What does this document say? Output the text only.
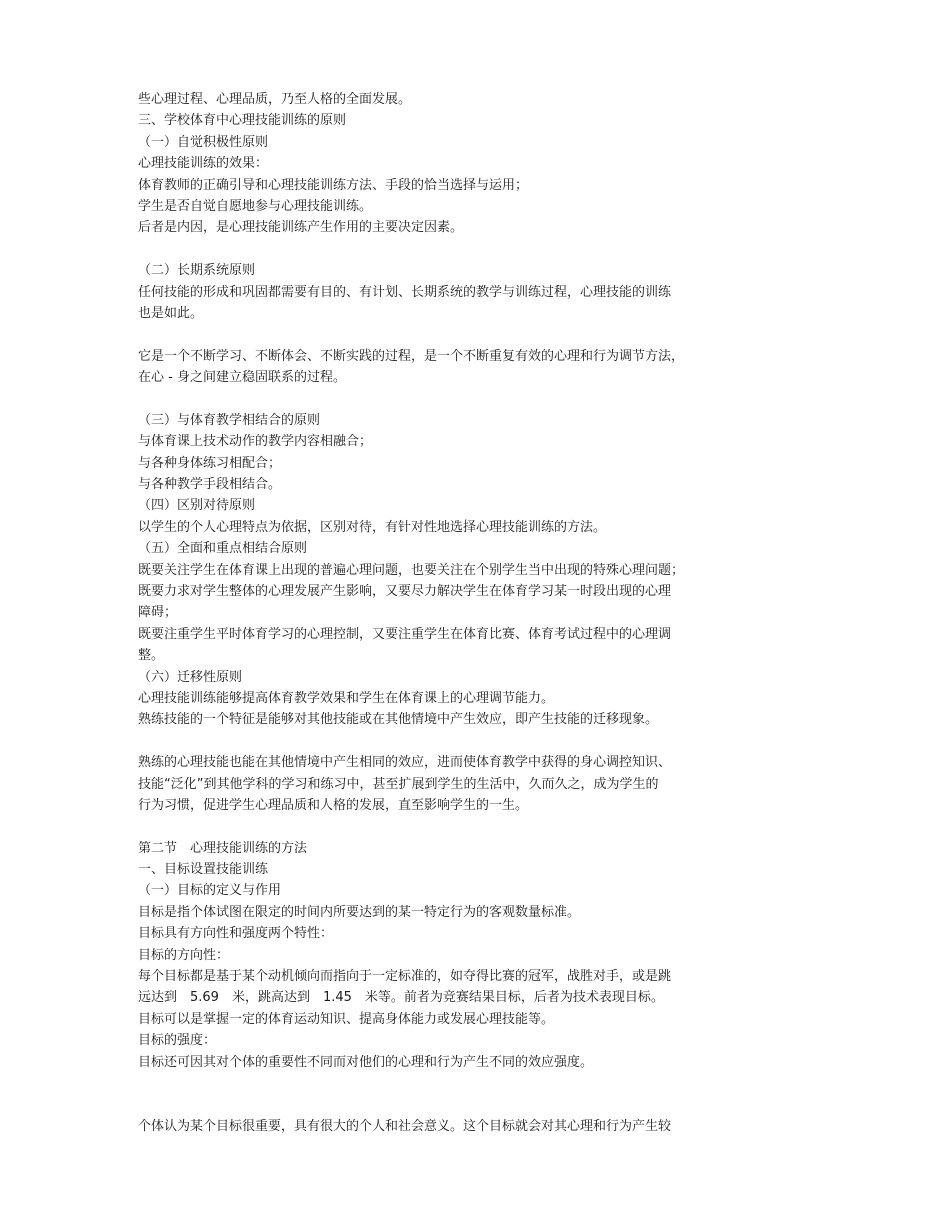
些心理过程、心理品质，乃至人格的全面发展。
三、学校体育中心理技能训练的原则
（一）自觉积极性原则
心理技能训练的效果：
体育教师的正确引导和心理技能训练方法、手段的恰当选择与运用；
学生是否自觉自愿地参与心理技能训练。
后者是内因，是心理技能训练产生作用的主要决定因素。
（二）长期系统原则
任何技能的形成和巩固都需要有目的、有计划、长期系统的教学与训练过程，心理技能的训练
也是如此。
它是一个不断学习、不断体会、不断实践的过程，是一个不断重复有效的心理和行为调节方法，
在心 - 身之间建立稳固联系的过程。
（三）与体育教学相结合的原则
与体育课上技术动作的教学内容相融合；
与各种身体练习相配合；
与各种教学手段相结合。
（四）区别对待原则
以学生的个人心理特点为依据，区别对待，有针对性地选择心理技能训练的方法。
（五）全面和重点相结合原则
既要关注学生在体育课上出现的普遍心理问题，也要关注在个别学生当中出现的特殊心理问题；
既要力求对学生整体的心理发展产生影响，又要尽力解决学生在体育学习某一时段出现的心理
障碍；
既要注重学生平时体育学习的心理控制，又要注重学生在体育比赛、体育考试过程中的心理调
整。
（六）迁移性原则
心理技能训练能够提高体育教学效果和学生在体育课上的心理调节能力。
熟练技能的一个特征是能够对其他技能或在其他情境中产生效应，即产生技能的迁移现象。
熟练的心理技能也能在其他情境中产生相同的效应，进而使体育教学中获得的身心调控知识、
技能“泛化”到其他学科的学习和练习中，甚至扩展到学生的生活中，久而久之，成为学生的
行为习惯，促进学生心理品质和人格的发展，直至影响学生的一生。
第二节　心理技能训练的方法
一、目标设置技能训练
（一）目标的定义与作用
目标是指个体试图在限定的时间内所要达到的某一特定行为的客观数量标准。
目标具有方向性和强度两个特性：
目标的方向性：
每个目标都是基于某个动机倾向而指向于一定标准的，如夺得比赛的冠军，战胜对手，或是跳
远达到　5.69　米，跳高达到　1.45　米等。前者为竞赛结果目标，后者为技术表现目标。
目标可以是掌握一定的体育运动知识、提高身体能力或发展心理技能等。
目标的强度：
目标还可因其对个体的重要性不同而对他们的心理和行为产生不同的效应强度。
个体认为某个目标很重要，具有很大的个人和社会意义。这个目标就会对其心理和行为产生较
